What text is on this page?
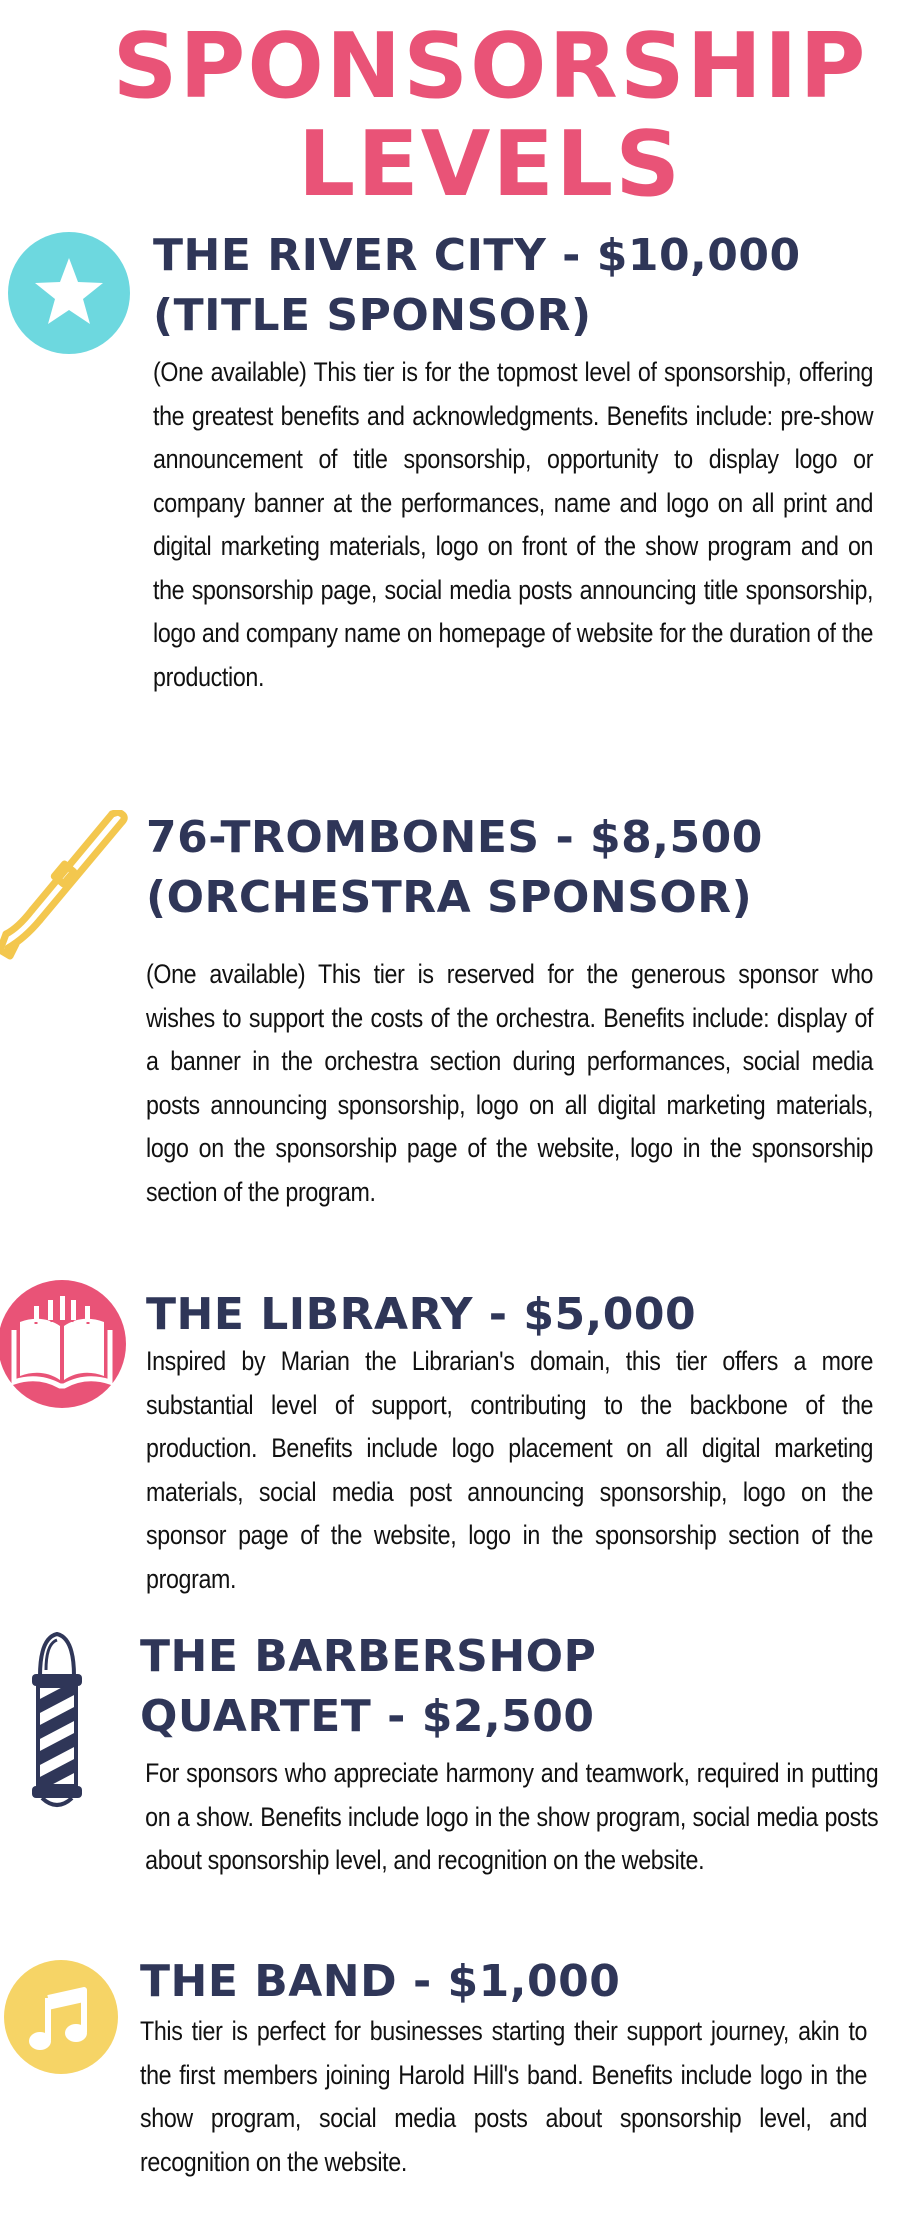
SPONSORSHIP
LEVELS
THE RIVER CITY - $10,000
(TITLE SPONSOR)

(One available) This tier is for the topmost level of sponsorship, offering the greatest benefits and acknowledgments. Benefits include: pre-show announcement of title sponsorship, opportunity to display logo or company banner at the performances, name and logo on all print and digital marketing materials, logo on front of the show program and on the sponsorship page, social media posts announcing title sponsorship, logo and company name on homepage of website for the duration of the production.

76-TROMBONES - $8,500
(ORCHESTRA SPONSOR)

(One available) This tier is reserved for the generous sponsor who wishes to support the costs of the orchestra. Benefits include: display of a banner in the orchestra section during performances, social media posts announcing sponsorship, logo on all digital marketing materials, logo on the sponsorship page of the website, logo in the sponsorship section of the program.

THE LIBRARY - $5,000

Inspired by Marian the Librarian's domain, this tier offers a more substantial level of support, contributing to the backbone of the production. Benefits include logo placement on all digital marketing materials, social media post announcing sponsorship, logo on the sponsor page of the website, logo in the sponsorship section of the program.

THE BARBERSHOP
QUARTET - $2,500

For sponsors who appreciate harmony and teamwork, required in putting on a show. Benefits include logo in the show program, social media posts about sponsorship level, and recognition on the website.

THE BAND - $1,000

This tier is perfect for businesses starting their support journey, akin to the first members joining Harold Hill's band. Benefits include logo in the show program, social media posts about sponsorship level, and recognition on the website.
